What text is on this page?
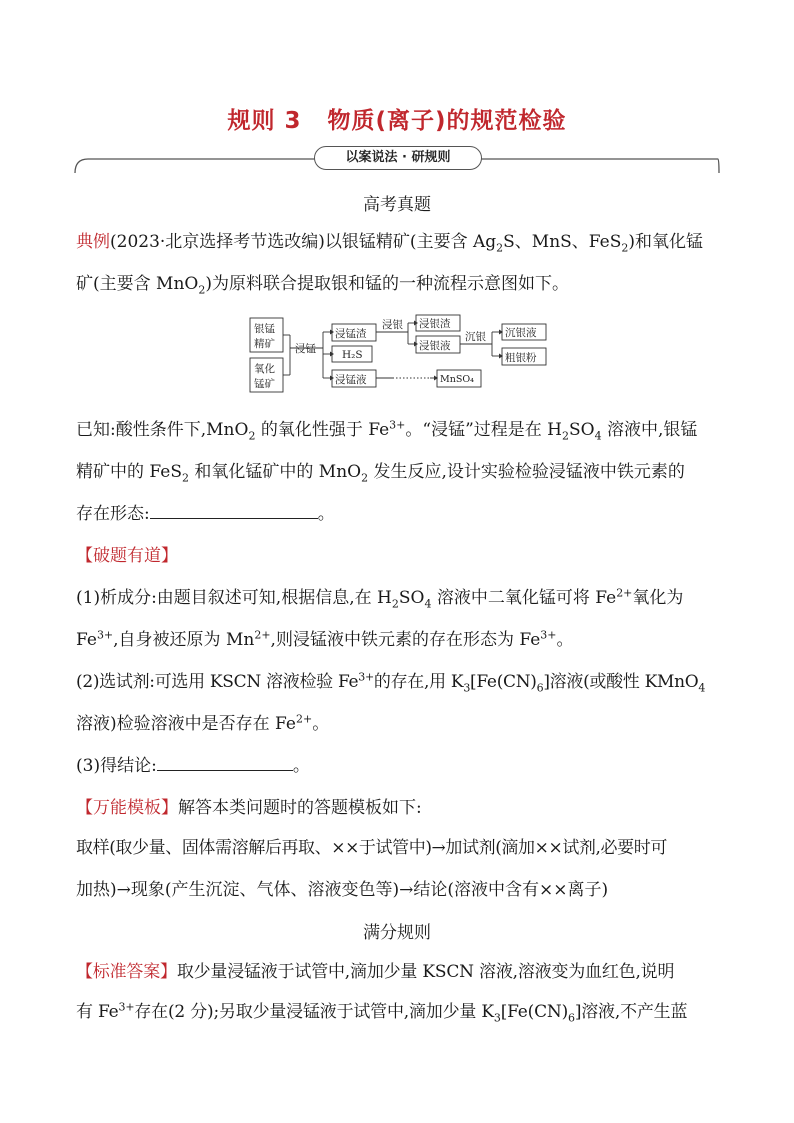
规则 3 物质(离子)的规范检验
以案说法 · 研规则
高考真题
典例(2023·北京选择考节选改编)以银锰精矿(主要含 $Ag_2S$、MnS、FeS$_2$)和氧化锰
矿(主要含 MnO$_2$)为原料联合提取银和锰的一种流程示意图如下。
银锰
精矿
氧化
锰矿
浸锰
浸锰渣
H₂S
浸锰液
浸银 浸银渣
浸银液
沉银 沉银液
粗银粉
MnSO₄
已知:酸性条件下,MnO$_2$ 的氧化性强于 $Fe^{3+}$。“浸锰”过程是在 $H_2SO_4$ 溶液中,银锰
精矿中的 FeS$_2$ 和氧化锰矿中的 MnO$_2$ 发生反应,设计实验检验浸锰液中铁元素的
存在形态:	。
【破题有道】
(1)析成分:由题目叙述可知,根据信息,在 $H_2SO_4$ 溶液中二氧化锰可将 $Fe^{2+}$氧化为
$Fe^{3+}$,自身被还原为 $Mn^{2+}$,则浸锰液中铁元素的存在形态为 $Fe^{3+}$。
(2)选试剂:可选用 KSCN 溶液检验 $Fe^{3+}$的存在,用 $K_3[Fe(CN)_6]$溶液(或酸性 KMnO$_4$
溶液)检验溶液中是否存在 $Fe^{2+}$。
(3)得结论:	。
【万能模板】解答本类问题时的答题模板如下:
取样(取少量、固体需溶解后再取、××于试管中)→加试剂(滴加××试剂,必要时可
加热)→现象(产生沉淀、气体、溶液变色等)→结论(溶液中含有××离子)
满分规则
【标准答案】取少量浸锰液于试管中,滴加少量 KSCN 溶液,溶液变为血红色,说明
有 $Fe^{3+}$存在(2 分);另取少量浸锰液于试管中,滴加少量 $K_3[Fe(CN)_6]$溶液,不产生蓝
